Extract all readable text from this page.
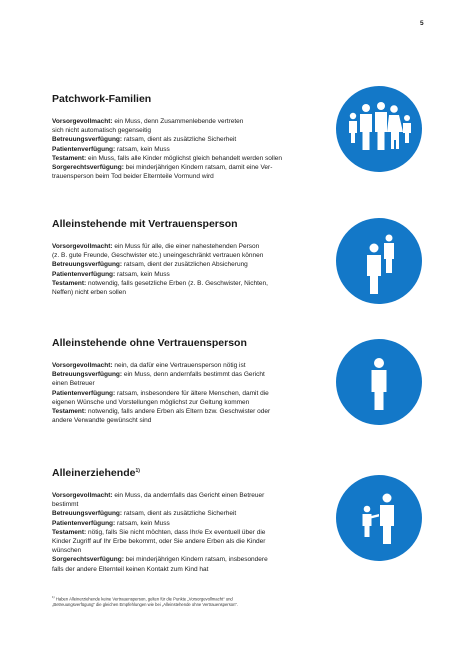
5
Patchwork-Familien

Vorsorgevollmacht: ein Muss, denn Zusammenlebende vertreten

sich nicht automatisch gegenseitig

Betreuungsverfügung: ratsam, dient als zusätzliche Sicherheit

Patientenverfügung: ratsam, kein Muss

Testament: ein Muss, falls alle Kinder möglichst gleich behandelt werden sollen

Sorgerechtsverfügung: bei minderjährigen Kindern ratsam, damit eine Ver-

trauensperson beim Tod beider Elternteile Vormund wird

Alleinstehende mit Vertrauensperson

Vorsorgevollmacht: ein Muss für alle, die einer nahestehenden Person

(z. B. gute Freunde, Geschwister etc.) uneingeschränkt vertrauen können

Betreuungsverfügung: ratsam, dient der zusätzlichen Absicherung

Patientenverfügung: ratsam, kein Muss

Testament: notwendig, falls gesetzliche Erben (z. B. Geschwister, Nichten,

Neffen) nicht erben sollen

Alleinstehende ohne Vertrauensperson

Vorsorgevollmacht: nein, da dafür eine Vertrauensperson nötig ist

Betreuungsverfügung: ein Muss, denn andernfalls bestimmt das Gericht

einen Betreuer

Patientenverfügung: ratsam, insbesondere für ältere Menschen, damit die

eigenen Wünsche und Vorstellungen möglichst zur Geltung kommen

Testament: notwendig, falls andere Erben als Eltern bzw. Geschwister oder

andere Verwandte gewünscht sind

Alleinerziehende$^{1)}$

Vorsorgevollmacht: ein Muss, da andernfalls das Gericht einen Betreuer

bestimmt

Betreuungsverfügung: ratsam, dient als zusätzliche Sicherheit

Patientenverfügung: ratsam, kein Muss

Testament: nötig, falls Sie nicht möchten, dass Ihr/e Ex eventuell über die

Kinder Zugriff auf Ihr Erbe bekommt, oder Sie andere Erben als die Kinder

wünschen

Sorgerechtsverfügung: bei minderjährigen Kindern ratsam, insbesondere

falls der andere Elternteil keinen Kontakt zum Kind hat

$^{1)}$ Haben Alleinerziehende keine Vertrauensperson, gelten für die Punkte „Vorsorgevollmacht“ und
„Betreuungsverfügung“ die gleichen Empfehlungen wie bei „Alleinstehende ohne Vertrauensperson“.
